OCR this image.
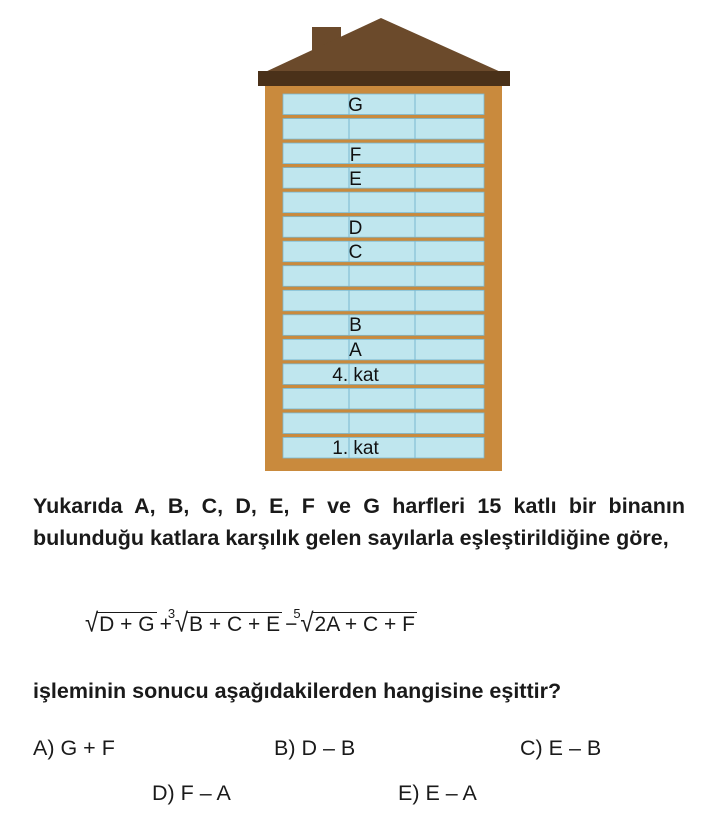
G
F
E
D
C
B
A
4. kat
1. kat
Yukarıda A, B, C, D, E, F ve G harfleri 15 katlı bir binanın bulunduğu katlara karşılık gelen sayılarla eşleştirildiğine göre,
√D + G +
3 √B + C + E −
5 √2A + C + F
işleminin sonucu aşağıdakilerden hangisine eşittir?
A) G + F	B) D – B	C) E – B
D) F – A	E) E – A
